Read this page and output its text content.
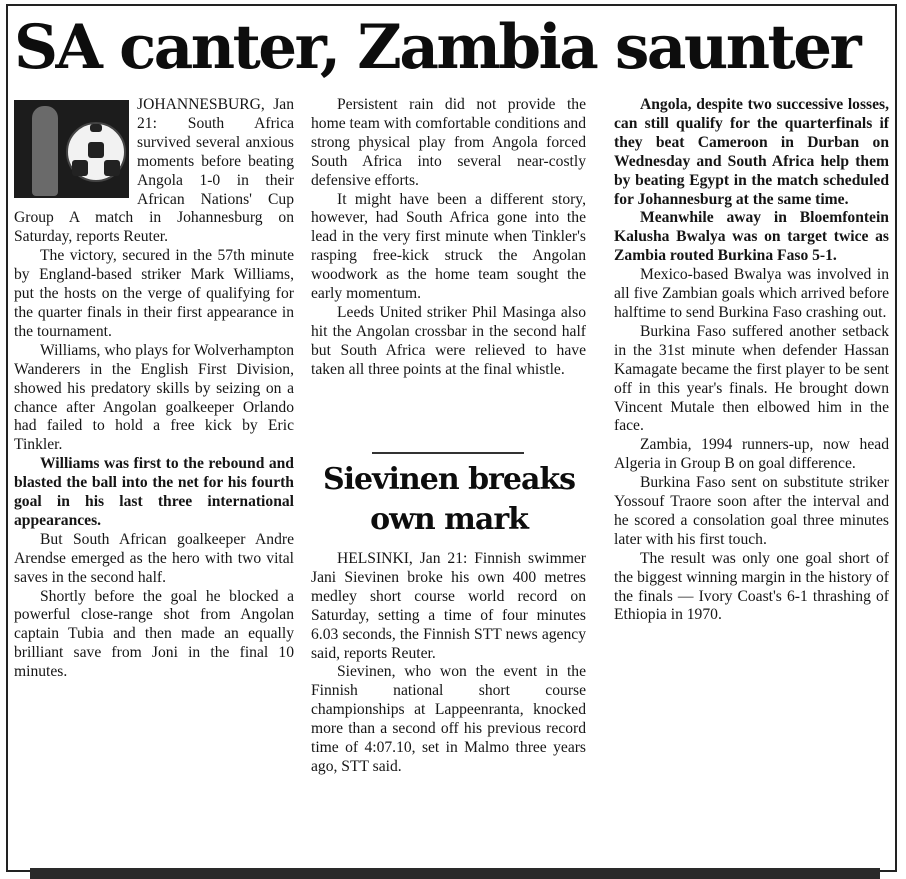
SA canter, Zambia saunter

JOHANNESBURG, Jan 21: South Africa survived several anxious moments before beating Angola 1-0 in their African Nations' Cup Group A match in Johannesburg on Saturday, reports Reuter.

The victory, secured in the 57th minute by England-based striker Mark Williams, put the hosts on the verge of qualifying for the quarter finals in their first appearance in the tournament.

Williams, who plays for Wolverhampton Wanderers in the English First Division, showed his predatory skills by seizing on a chance after Angolan goalkeeper Orlando had failed to hold a free kick by Eric Tinkler.

Williams was first to the rebound and blasted the ball into the net for his fourth goal in his last three international appearances.

But South African goalkeeper Andre Arendse emerged as the hero with two vital saves in the second half.

Shortly before the goal he blocked a powerful close-range shot from Angolan captain Tubia and then made an equally brilliant save from Joni in the final 10 minutes.

Persistent rain did not provide the home team with comfortable conditions and strong physical play from Angola forced South Africa into several near-costly defensive efforts.

It might have been a different story, however, had South Africa gone into the lead in the very first minute when Tinkler's rasping free-kick struck the Angolan woodwork as the home team sought the early momentum.

Leeds United striker Phil Masinga also hit the Angolan crossbar in the second half but South Africa were relieved to have taken all three points at the final whistle.

Sievinen breaks own mark

HELSINKI, Jan 21: Finnish swimmer Jani Sievinen broke his own 400 metres medley short course world record on Saturday, setting a time of four minutes 6.03 seconds, the Finnish STT news agency said, reports Reuter.

Sievinen, who won the event in the Finnish national short course championships at Lappeenranta, knocked more than a second off his previous record time of 4:07.10, set in Malmo three years ago, STT said.

Angola, despite two successive losses, can still qualify for the quarterfinals if they beat Cameroon in Durban on Wednesday and South Africa help them by beating Egypt in the match scheduled for Johannesburg at the same time.

Meanwhile away in Bloemfontein Kalusha Bwalya was on target twice as Zambia routed Burkina Faso 5-1.

Mexico-based Bwalya was involved in all five Zambian goals which arrived before halftime to send Burkina Faso crashing out.

Burkina Faso suffered another setback in the 31st minute when defender Hassan Kamagate became the first player to be sent off in this year's finals. He brought down Vincent Mutale then elbowed him in the face.

Zambia, 1994 runners-up, now head Algeria in Group B on goal difference.

Burkina Faso sent on substitute striker Yossouf Traore soon after the interval and he scored a consolation goal three minutes later with his first touch.

The result was only one goal short of the biggest winning margin in the history of the finals — Ivory Coast's 6-1 thrashing of Ethiopia in 1970.
